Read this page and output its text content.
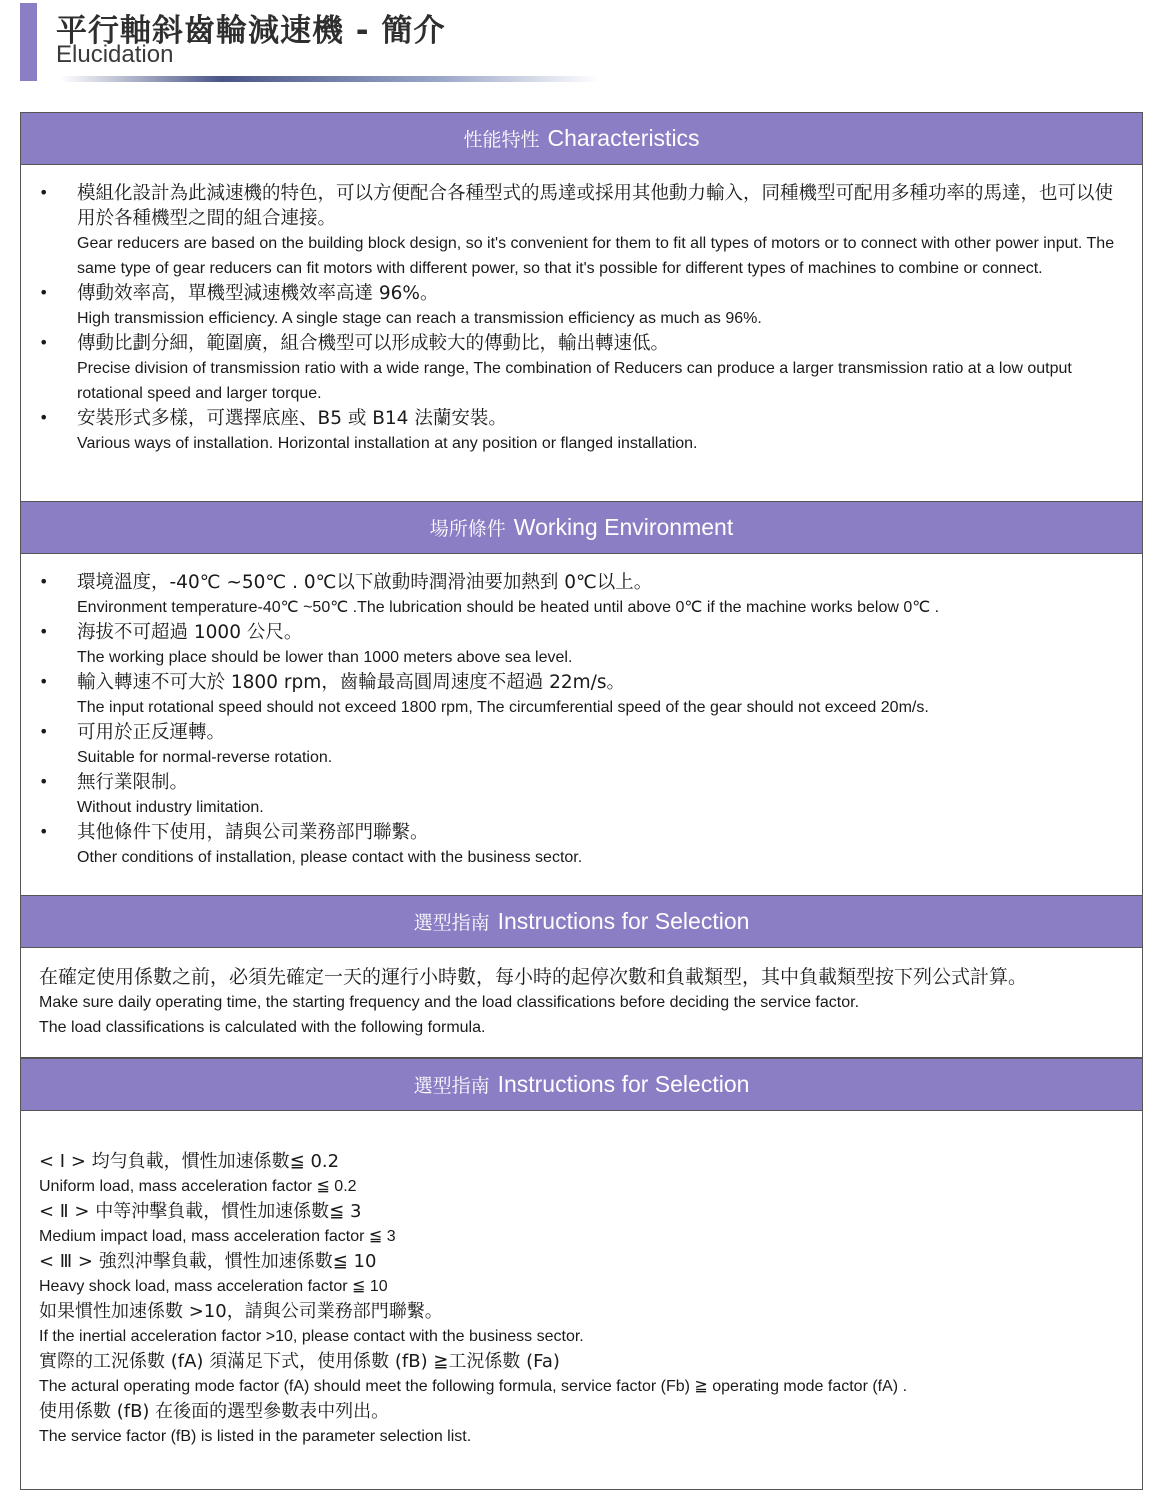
平行軸斜齒輪減速機 - 簡介
Elucidation
性能特性 Characteristics
• 模組化設計為此減速機的特色，可以方便配合各種型式的馬達或採用其他動力輸入，同種機型可配用多種功率的馬達，也可以使用於各種機型之間的組合連接。
Gear reducers are based on the building block design, so it's convenient for them to fit all types of motors or to connect with other power input. The same type of gear reducers can fit motors with different power, so that it's possible for different types of machines to combine or connect.
• 傳動效率高，單機型減速機效率高達 96%。
High transmission efficiency. A single stage can reach a transmission efficiency as much as 96%.
• 傳動比劃分細，範圍廣，組合機型可以形成較大的傳動比，輸出轉速低。
Precise division of transmission ratio with a wide range, The combination of Reducers can produce a larger transmission ratio at a low output rotational speed and larger torque.
• 安裝形式多樣，可選擇底座、B5 或 B14 法蘭安裝。
Various ways of installation. Horizontal installation at any position or flanged installation.
場所條件 Working Environment
• 環境溫度，-40℃ ~50℃ . 0℃以下啟動時潤滑油要加熱到 0℃以上。
Environment temperature-40℃ ~50℃ .The lubrication should be heated until above 0℃ if the machine works below 0℃ .
• 海拔不可超過 1000 公尺。
The working place should be lower than 1000 meters above sea level.
• 輸入轉速不可大於 1800 rpm，齒輪最高圓周速度不超過 22m/s。
The input rotational speed should not exceed 1800 rpm, The circumferential speed of the gear should not exceed 20m/s.
• 可用於正反運轉。
Suitable for normal-reverse rotation.
• 無行業限制。
Without industry limitation.
• 其他條件下使用，請與公司業務部門聯繫。
Other conditions of installation, please contact with the business sector.
選型指南 Instructions for Selection
在確定使用係數之前，必須先確定一天的運行小時數，每小時的起停次數和負載類型，其中負載類型按下列公式計算。
Make sure daily operating time, the starting frequency and the load classifications before deciding the service factor.
The load classifications is calculated with the following formula.
選型指南 Instructions for Selection
< Ⅰ > 均勻負載，慣性加速係數≦ 0.2
Uniform load, mass acceleration factor ≦ 0.2
< Ⅱ > 中等沖擊負載，慣性加速係數≦ 3
Medium impact load, mass acceleration factor ≦ 3
< Ⅲ > 強烈沖擊負載，慣性加速係數≦ 10
Heavy shock load, mass acceleration factor ≦ 10
如果慣性加速係數 >10，請與公司業務部門聯繫。
If the inertial acceleration factor >10, please contact with the business sector.
實際的工況係數 (fA) 須滿足下式，使用係數 (fB) ≧工況係數 (Fa)
The actural operating mode factor (fA) should meet the following formula, service factor (Fb) ≧ operating mode factor (fA) .
使用係數 (fB) 在後面的選型參數表中列出。
The service factor (fB) is listed in the parameter selection list.
